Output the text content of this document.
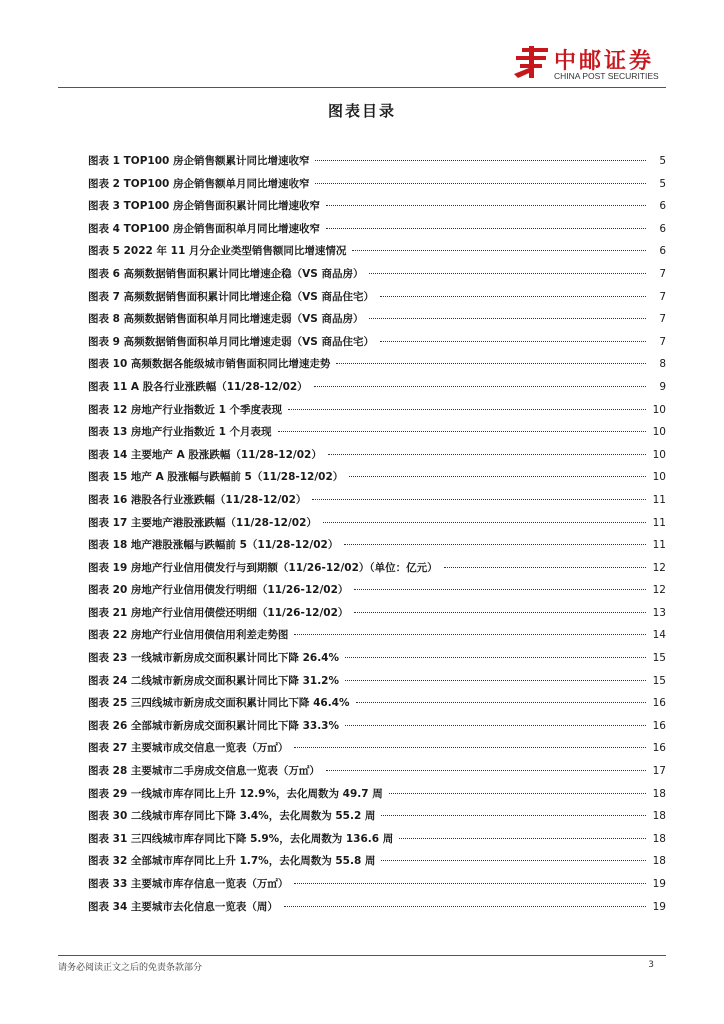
中邮证券
CHINA POST SECURITIES
图表目录
图表 1 TOP100 房企销售额累计同比增速收窄	5
图表 2 TOP100 房企销售额单月同比增速收窄	5
图表 3 TOP100 房企销售面积累计同比增速收窄	6
图表 4 TOP100 房企销售面积单月同比增速收窄	6
图表 5 2022 年 11 月分企业类型销售额同比增速情况	6
图表 6 高频数据销售面积累计同比增速企稳（VS 商品房）	7
图表 7 高频数据销售面积累计同比增速企稳（VS 商品住宅）	7
图表 8 高频数据销售面积单月同比增速走弱（VS 商品房）	7
图表 9 高频数据销售面积单月同比增速走弱（VS 商品住宅）	7
图表 10 高频数据各能级城市销售面积同比增速走势	8
图表 11 A 股各行业涨跌幅（11/28-12/02）	9
图表 12 房地产行业指数近 1 个季度表现	10
图表 13 房地产行业指数近 1 个月表现	10
图表 14 主要地产 A 股涨跌幅（11/28-12/02）	10
图表 15 地产 A 股涨幅与跌幅前 5（11/28-12/02）	10
图表 16 港股各行业涨跌幅（11/28-12/02）	11
图表 17 主要地产港股涨跌幅（11/28-12/02）	11
图表 18 地产港股涨幅与跌幅前 5（11/28-12/02）	11
图表 19 房地产行业信用债发行与到期额（11/26-12/02）（单位：亿元）	12
图表 20 房地产行业信用债发行明细（11/26-12/02）	12
图表 21 房地产行业信用债偿还明细（11/26-12/02）	13
图表 22 房地产行业信用债信用利差走势图	14
图表 23 一线城市新房成交面积累计同比下降 26.4%	15
图表 24 二线城市新房成交面积累计同比下降 31.2%	15
图表 25 三四线城市新房成交面积累计同比下降 46.4%	16
图表 26 全部城市新房成交面积累计同比下降 33.3%	16
图表 27 主要城市成交信息一览表（万㎡）	16
图表 28 主要城市二手房成交信息一览表（万㎡）	17
图表 29 一线城市库存同比上升 12.9%，去化周数为 49.7 周	18
图表 30 二线城市库存同比下降 3.4%，去化周数为 55.2 周	18
图表 31 三四线城市库存同比下降 5.9%，去化周数为 136.6 周	18
图表 32 全部城市库存同比上升 1.7%，去化周数为 55.8 周	18
图表 33 主要城市库存信息一览表（万㎡）	19
图表 34 主要城市去化信息一览表（周）	19
请务必阅读正文之后的免责条款部分	3
